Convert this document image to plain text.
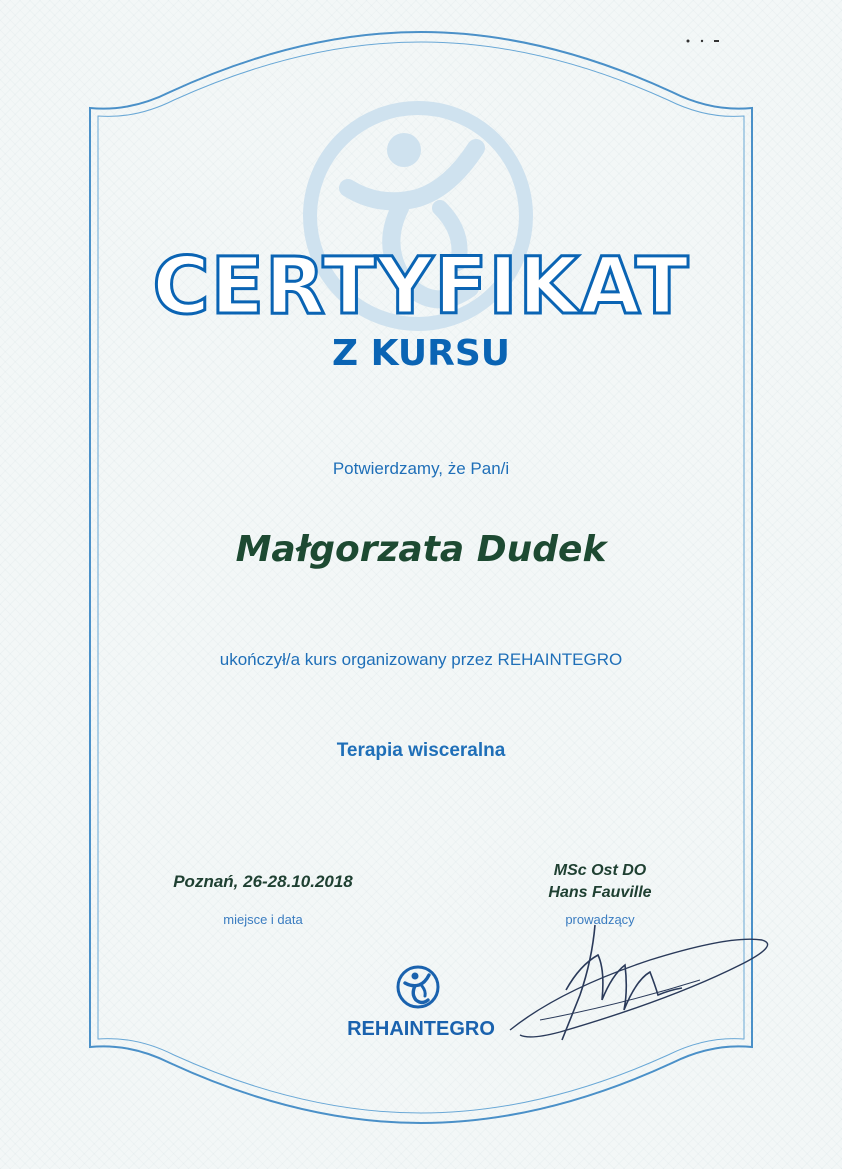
CERTYFIKAT
Z KURSU
Potwierdzamy, że Pan/i
Małgorzata Dudek
ukończył/a kurs organizowany przez REHAINTEGRO
Terapia wisceralna
Poznań, 26-28.10.2018
miejsce i data
MSc Ost DO
Hans Fauville
prowadzący
REHAINTEGRO
